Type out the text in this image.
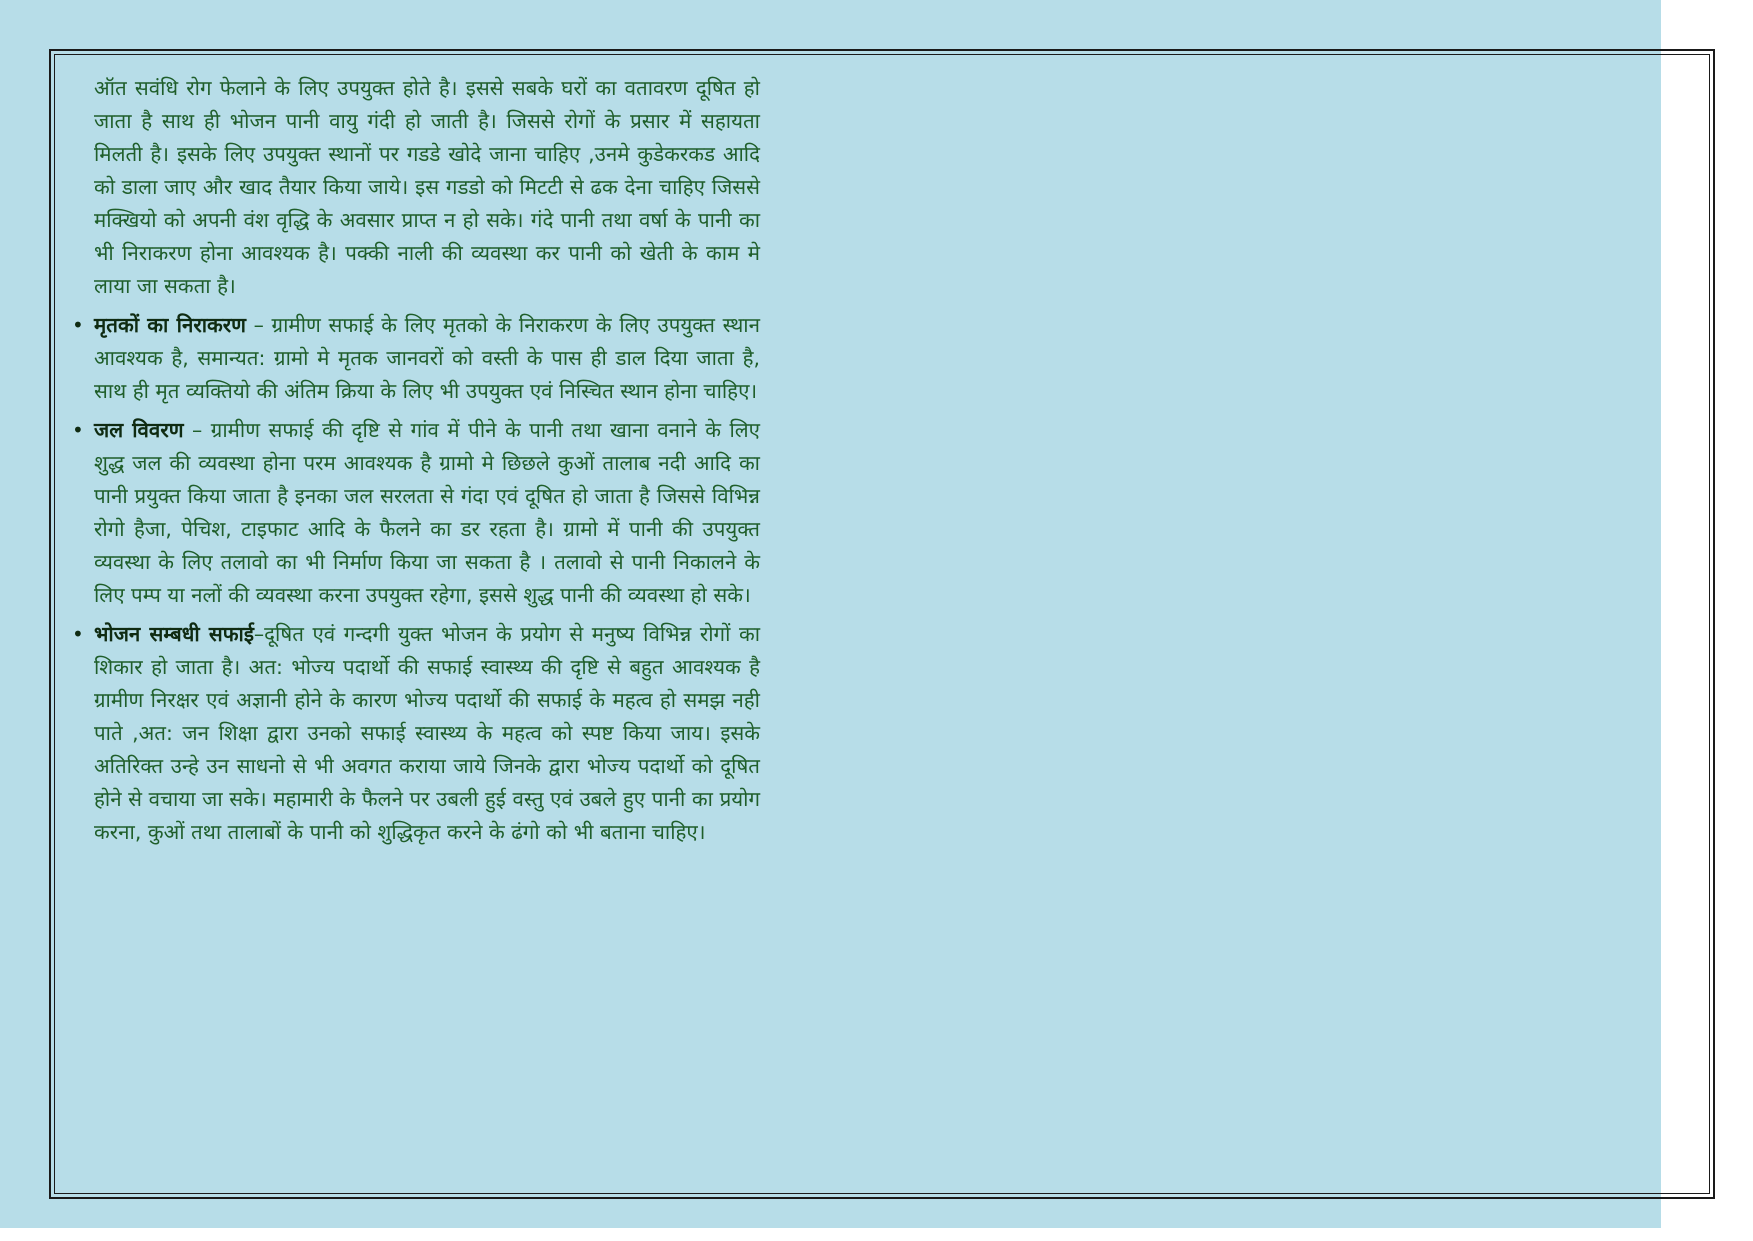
ऑत सवंधि रोग फेलाने के लिए उपयुक्त होते है। इससे सबके घरों का वतावरण दूषित हो जाता है साथ ही भोजन पानी वायु गंदी हो जाती है। जिससे रोगों के प्रसार में सहायता मिलती है। इसके लिए उपयुक्त स्थानों पर गडडे खोदे जाना चाहिए ,उनमे कुडेकरकड आदि को डाला जाए और खाद तैयार किया जाये। इस गडडो को मिटटी से ढक देना चाहिए जिससे मक्खियो को अपनी वंश वृद्धि के अवसार प्राप्त न हो सके। गंदे पानी तथा वर्षा के पानी का भी निराकरण होना आवश्यक है। पक्की नाली की व्यवस्था कर पानी को खेती के काम मे लाया जा सकता है।

• मृतकों का निराकरण – ग्रामीण सफाई के लिए मृतको के निराकरण के लिए उपयुक्त स्थान आवश्यक है, समान्यत: ग्रामो मे मृतक जानवरों को वस्ती के पास ही डाल दिया जाता है, साथ ही मृत व्यक्तियो की अंतिम क्रिया के लिए भी उपयुक्त एवं निस्चित स्थान होना चाहिए।

• जल विवरण – ग्रामीण सफाई की दृष्टि से गांव में पीने के पानी तथा खाना वनाने के लिए शुद्ध जल की व्यवस्था होना परम आवश्यक है ग्रामो मे छिछले कुओं तालाब नदी आदि का पानी प्रयुक्त किया जाता है इनका जल सरलता से गंदा एवं दूषित हो जाता है जिससे विभिन्न रोगो हैजा, पेचिश, टाइफाट आदि के फैलने का डर रहता है। ग्रामो में पानी की उपयुक्त व्यवस्था के लिए तलावो का भी निर्माण किया जा सकता है । तलावो से पानी निकालने के लिए पम्प या नलों की व्यवस्था करना उपयुक्त रहेगा, इससे शुद्ध पानी की व्यवस्था हो सके।

• भोजन सम्बधी सफाई–दूषित एवं गन्दगी युक्त भोजन के प्रयोग से मनुष्य विभिन्न रोगों का शिकार हो जाता है। अत: भोज्य पदार्थो की सफाई स्वास्थ्य की दृष्टि से बहुत आवश्यक है ग्रामीण निरक्षर एवं अज्ञानी होने के कारण भोज्य पदार्थो की सफाई के महत्व हो समझ नही पाते ,अत: जन शिक्षा द्वारा उनको सफाई स्वास्थ्य के महत्व को स्पष्ट किया जाय। इसके अतिरिक्त उन्हे उन साधनो से भी अवगत कराया जाये जिनके द्वारा भोज्य पदार्थो को दूषित होने से वचाया जा सके। महामारी के फैलने पर उबली हुई वस्तु एवं उबले हुए पानी का प्रयोग करना, कुओं तथा तालाबों के पानी को शुद्धिकृत करने के ढंगो को भी बताना चाहिए।
